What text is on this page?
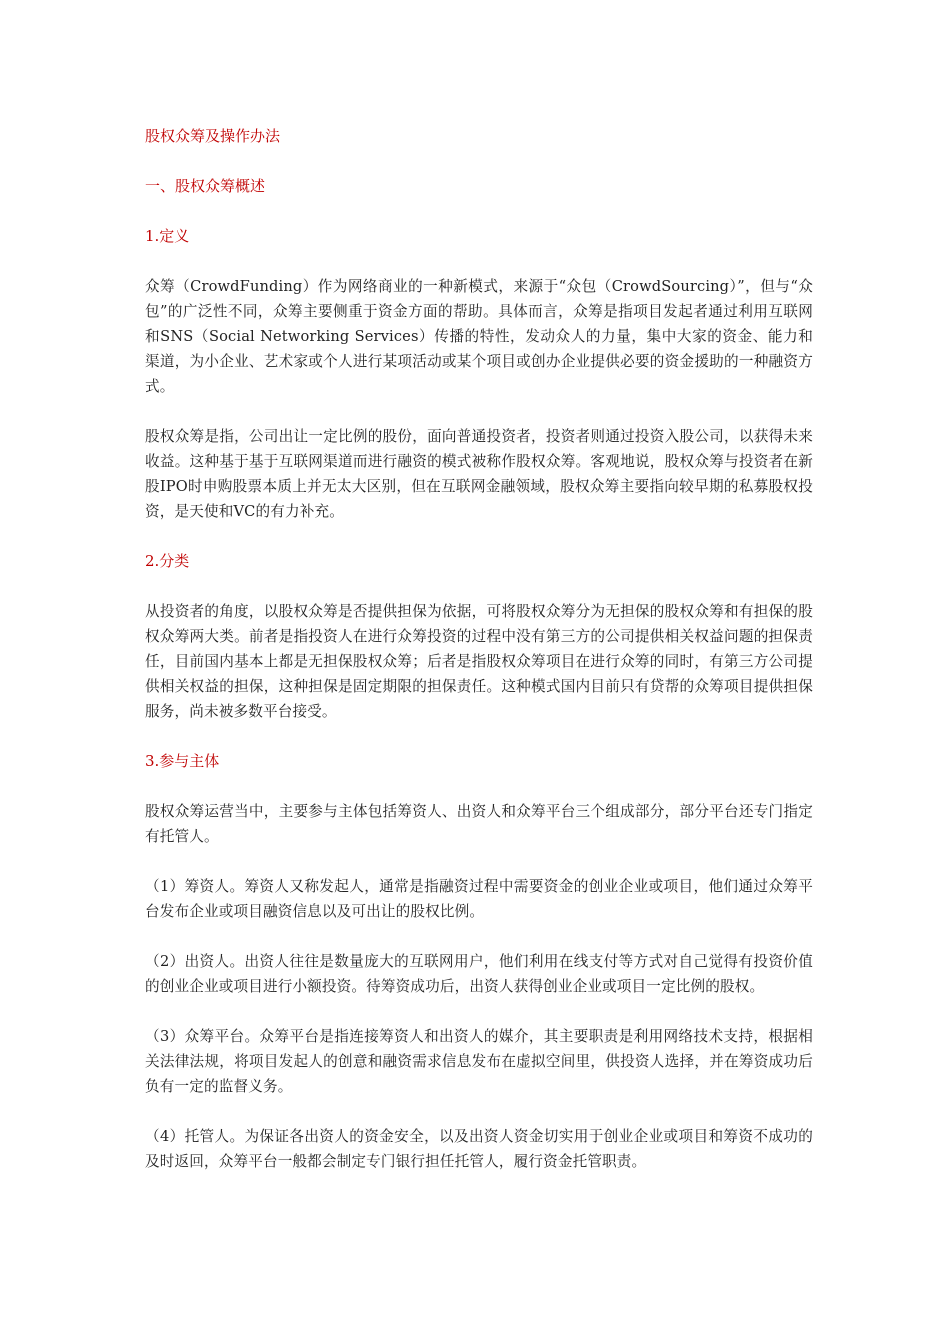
股权众筹及操作办法

一、股权众筹概述

1.定义

众筹（CrowdFunding）作为网络商业的一种新模式，来源于“众包（CrowdSourcing）”，但与“众包”的广泛性不同，众筹主要侧重于资金方面的帮助。具体而言，众筹是指项目发起者通过利用互联网和SNS（Social Networking Services）传播的特性，发动众人的力量，集中大家的资金、能力和渠道，为小企业、艺术家或个人进行某项活动或某个项目或创办企业提供必要的资金援助的一种融资方式。

股权众筹是指，公司出让一定比例的股份，面向普通投资者，投资者则通过投资入股公司，以获得未来收益。这种基于基于互联网渠道而进行融资的模式被称作股权众筹。客观地说，股权众筹与投资者在新股IPO时申购股票本质上并无太大区别，但在互联网金融领域，股权众筹主要指向较早期的私募股权投资，是天使和VC的有力补充。

2.分类

从投资者的角度，以股权众筹是否提供担保为依据，可将股权众筹分为无担保的股权众筹和有担保的股权众筹两大类。前者是指投资人在进行众筹投资的过程中没有第三方的公司提供相关权益问题的担保责任，目前国内基本上都是无担保股权众筹；后者是指股权众筹项目在进行众筹的同时，有第三方公司提供相关权益的担保，这种担保是固定期限的担保责任。这种模式国内目前只有贷帮的众筹项目提供担保服务，尚未被多数平台接受。

3.参与主体

股权众筹运营当中，主要参与主体包括筹资人、出资人和众筹平台三个组成部分，部分平台还专门指定有托管人。

（1）筹资人。筹资人又称发起人，通常是指融资过程中需要资金的创业企业或项目，他们通过众筹平台发布企业或项目融资信息以及可出让的股权比例。

（2）出资人。出资人往往是数量庞大的互联网用户，他们利用在线支付等方式对自己觉得有投资价值的创业企业或项目进行小额投资。待筹资成功后，出资人获得创业企业或项目一定比例的股权。

（3）众筹平台。众筹平台是指连接筹资人和出资人的媒介，其主要职责是利用网络技术支持，根据相关法律法规，将项目发起人的创意和融资需求信息发布在虚拟空间里，供投资人选择，并在筹资成功后负有一定的监督义务。

（4）托管人。为保证各出资人的资金安全，以及出资人资金切实用于创业企业或项目和筹资不成功的及时返回，众筹平台一般都会制定专门银行担任托管人，履行资金托管职责。
